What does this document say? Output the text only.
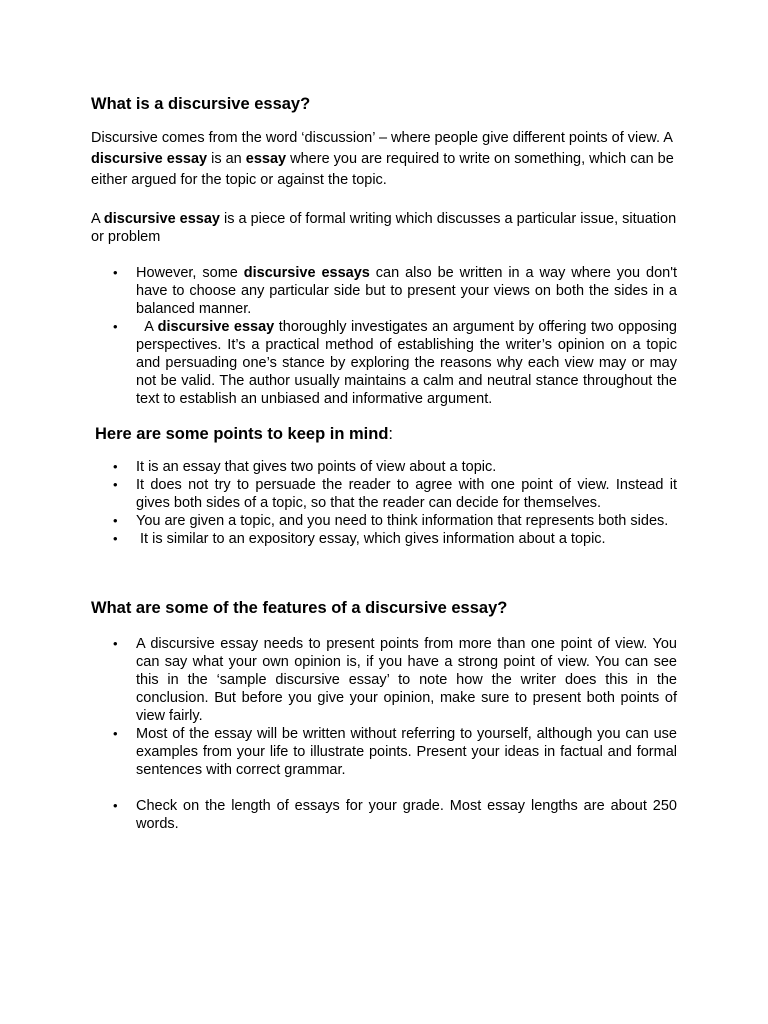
What is a discursive essay?

Discursive comes from the word ‘discussion’ – where people give different points of view. A discursive essay is an essay where you are required to write on something, which can be either argued for the topic or against the topic.

A discursive essay is a piece of formal writing which discusses a particular issue, situation or problem

• However, some discursive essays can also be written in a way where you don't have to choose any particular side but to present your views on both the sides in a balanced manner.
• A discursive essay thoroughly investigates an argument by offering two opposing perspectives. It’s a practical method of establishing the writer’s opinion on a topic and persuading one’s stance by exploring the reasons why each view may or may not be valid. The author usually maintains a calm and neutral stance throughout the text to establish an unbiased and informative argument.
Here are some points to keep in mind:
• It is an essay that gives two points of view about a topic.
• It does not try to persuade the reader to agree with one point of view. Instead it gives both sides of a topic, so that the reader can decide for themselves.
• You are given a topic, and you need to think information that represents both sides.
• It is similar to an expository essay, which gives information about a topic.
What are some of the features of a discursive essay?
• A discursive essay needs to present points from more than one point of view. You can say what your own opinion is, if you have a strong point of view. You can see this in the ‘sample discursive essay’ to note how the writer does this in the conclusion. But before you give your opinion, make sure to present both points of view fairly.
• Most of the essay will be written without referring to yourself, although you can use examples from your life to illustrate points. Present your ideas in factual and formal sentences with correct grammar.
• Check on the length of essays for your grade. Most essay lengths are about 250 words.
